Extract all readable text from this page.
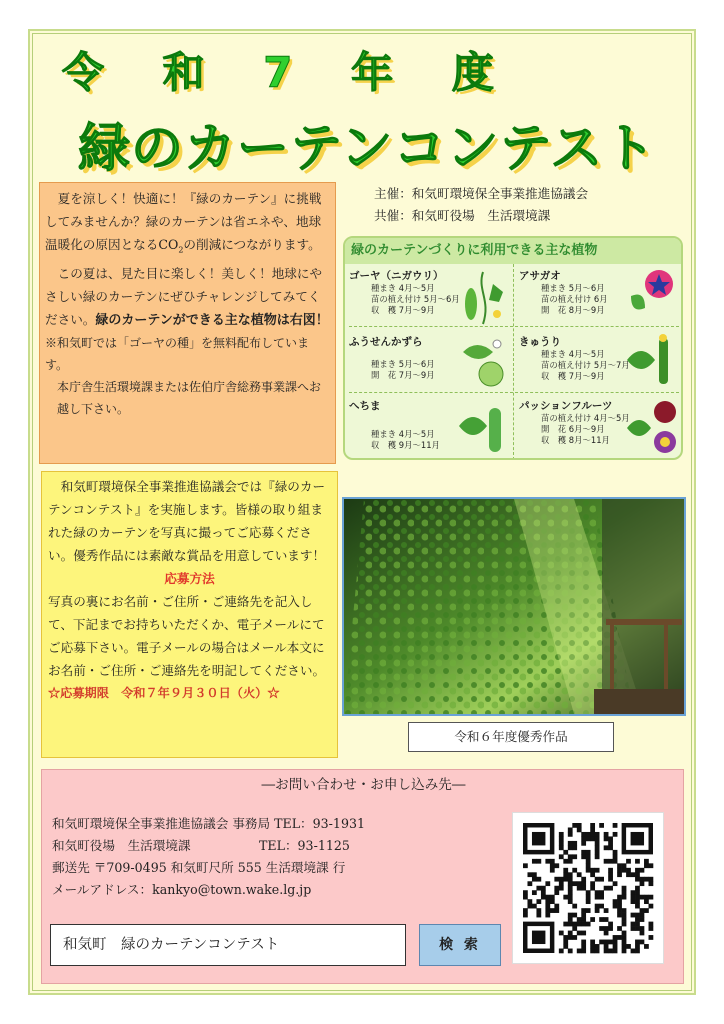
令 和 7 年 度
緑のカーテンコンテスト

　夏を涼しく！快適に！『緑のカーテン』に挑戦してみませんか？緑のカーテンは省エネや、地球温暖化の原因となる$CO_2$の削減につながります。

　この夏は、見た目に楽しく！美しく！地球にやさしい緑のカーテンにぜひチャレンジしてみてください。緑のカーテンができる主な植物は右図！

※和気町では「ゴーヤの種」を無料配布しています。

本庁舎生活環境課または佐伯庁舎総務事業課へお越し下さい。

主催：和気町環境保全事業推進協議会
共催：和気町役場　生活環境課
緑のカーテンづくりに利用できる主な植物
ゴーヤ（ニガウリ）
種まき 4月～5月
苗の植え付け 5月～6月
収　穫 7月～9月
アサガオ
種まき 5月～6月
苗の植え付け 6月
開　花 8月～9月
ふうせんかずら
種まき 5月～6月
開　花 7月～9月
きゅうり
種まき 4月～5月
苗の植え付け 5月～7月
収　穫 7月～9月
へちま
種まき 4月～5月
収　穫 9月～11月
パッションフルーツ
苗の植え付け 4月～5月
開　花 6月～9月
収　穫 8月～11月
　和気町環境保全事業推進協議会では『緑のカーテンコンテスト』を実施します。皆様の取り組まれた緑のカーテンを写真に撮ってご応募ください。優秀作品には素敵な賞品を用意しています！
応募方法
写真の裏にお名前・ご住所・ご連絡先を記入して、下記までお持ちいただくか、電子メールにてご応募下さい。電子メールの場合はメール本文にお名前・ご住所・ご連絡先を明記してください。
☆応募期限　令和７年９月３０日（火）☆
令和６年度優秀作品
―お問い合わせ・お申し込み先―
和気町環境保全事業推進協議会 事務局 TEL：93-1931
和気町役場　生活環境課	TEL：93-1125
郵送先 〒709-0495 和気町尺所 555 生活環境課 行
メールアドレス：kankyo@town.wake.lg.jp
和気町　緑のカーテンコンテスト	検 索
